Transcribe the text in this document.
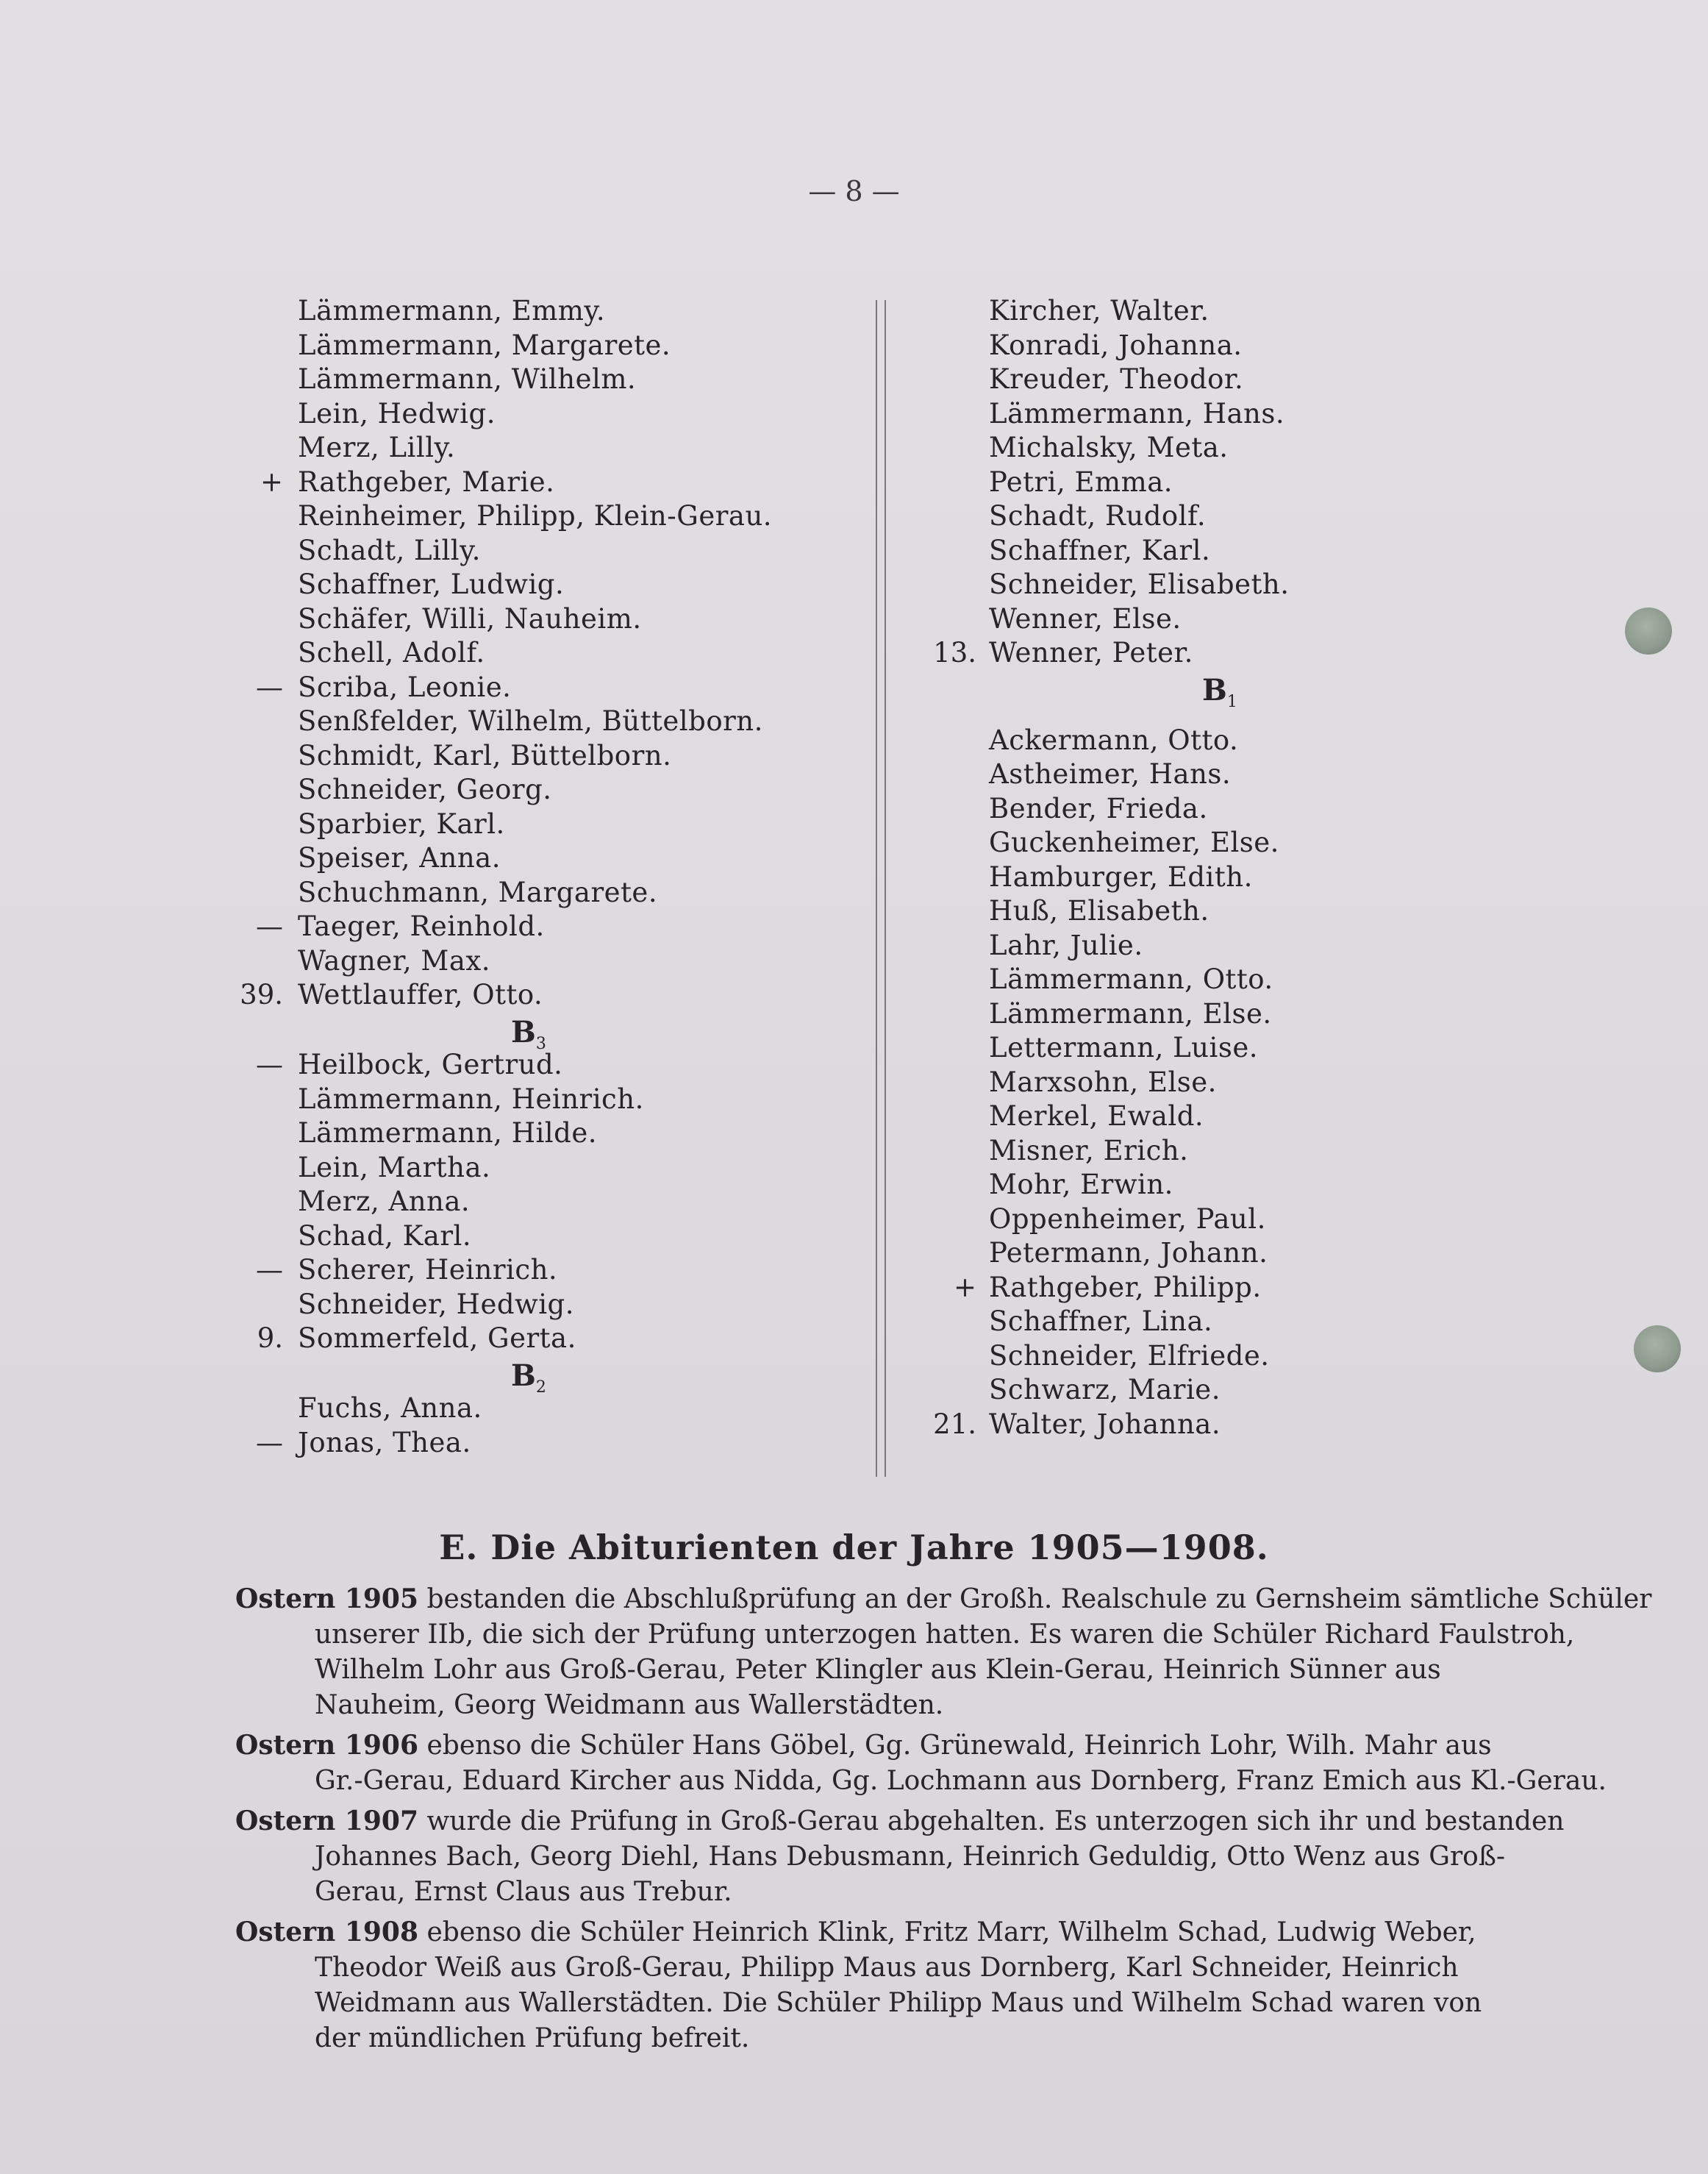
— 8 —
Lämmermann, Emmy.
Lämmermann, Margarete.
Lämmermann, Wilhelm.
Lein, Hedwig.
Merz, Lilly.
+ Rathgeber, Marie.
Reinheimer, Philipp, Klein-Gerau.
Schadt, Lilly.
Schaffner, Ludwig.
Schäfer, Willi, Nauheim.
Schell, Adolf.
— Scriba, Leonie.
Senßfelder, Wilhelm, Büttelborn.
Schmidt, Karl, Büttelborn.
Schneider, Georg.
Sparbier, Karl.
Speiser, Anna.
Schuchmann, Margarete.
— Taeger, Reinhold.
Wagner, Max.
39. Wettlauffer, Otto.
$B_3$
— Heilbock, Gertrud.
Lämmermann, Heinrich.
Lämmermann, Hilde.
Lein, Martha.
Merz, Anna.
Schad, Karl.
— Scherer, Heinrich.
Schneider, Hedwig.
9. Sommerfeld, Gerta.
$B_2$
Fuchs, Anna.
— Jonas, Thea.
Kircher, Walter.
Konradi, Johanna.
Kreuder, Theodor.
Lämmermann, Hans.
Michalsky, Meta.
Petri, Emma.
Schadt, Rudolf.
Schaffner, Karl.
Schneider, Elisabeth.
Wenner, Else.
13. Wenner, Peter.
$B_1$
Ackermann, Otto.
Astheimer, Hans.
Bender, Frieda.
Guckenheimer, Else.
Hamburger, Edith.
Huß, Elisabeth.
Lahr, Julie.
Lämmermann, Otto.
Lämmermann, Else.
Lettermann, Luise.
Marxsohn, Else.
Merkel, Ewald.
Misner, Erich.
Mohr, Erwin.
Oppenheimer, Paul.
Petermann, Johann.
+ Rathgeber, Philipp.
Schaffner, Lina.
Schneider, Elfriede.
Schwarz, Marie.
21. Walter, Johanna.
E. Die Abiturienten der Jahre 1905—1908.
Ostern 1905 bestanden die Abschlußprüfung an der Großh. Realschule zu Gernsheim sämtliche Schüler
unserer IIb, die sich der Prüfung unterzogen hatten. Es waren die Schüler Richard Faulstroh,
Wilhelm Lohr aus Groß-Gerau, Peter Klingler aus Klein-Gerau, Heinrich Sünner aus
Nauheim, Georg Weidmann aus Wallerstädten.
Ostern 1906 ebenso die Schüler Hans Göbel, Gg. Grünewald, Heinrich Lohr, Wilh. Mahr aus
Gr.-Gerau, Eduard Kircher aus Nidda, Gg. Lochmann aus Dornberg, Franz Emich aus Kl.-Gerau.
Ostern 1907 wurde die Prüfung in Groß-Gerau abgehalten. Es unterzogen sich ihr und bestanden
Johannes Bach, Georg Diehl, Hans Debusmann, Heinrich Geduldig, Otto Wenz aus Groß-
Gerau, Ernst Claus aus Trebur.
Ostern 1908 ebenso die Schüler Heinrich Klink, Fritz Marr, Wilhelm Schad, Ludwig Weber,
Theodor Weiß aus Groß-Gerau, Philipp Maus aus Dornberg, Karl Schneider, Heinrich
Weidmann aus Wallerstädten. Die Schüler Philipp Maus und Wilhelm Schad waren von
der mündlichen Prüfung befreit.
